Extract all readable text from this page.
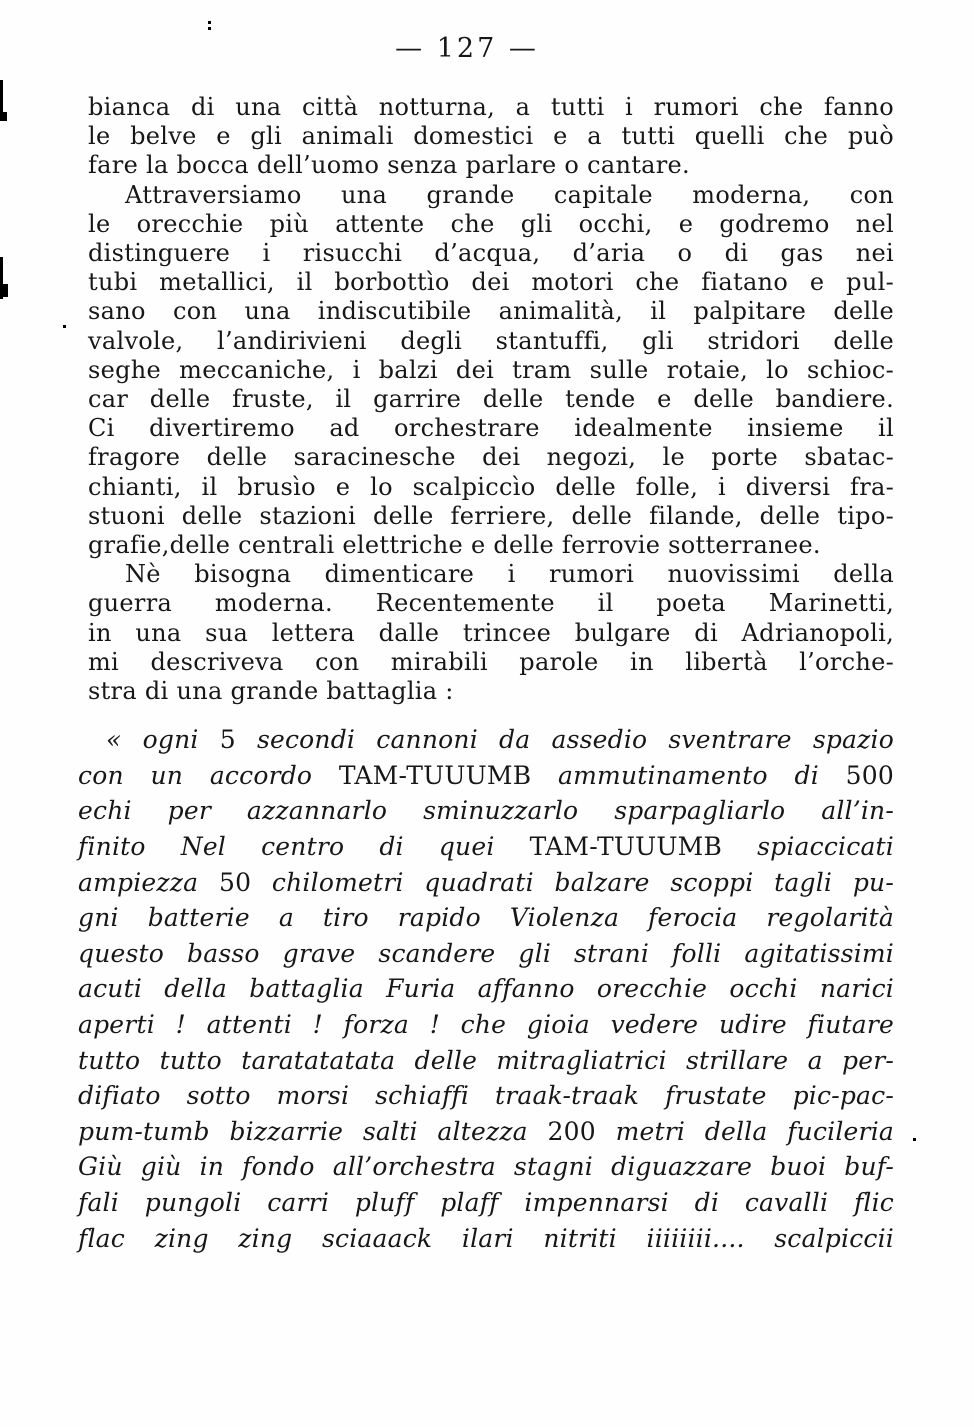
— 127 —
bianca di una città notturna, a tutti i rumori che fanno
le belve e gli animali domestici e a tutti quelli che può
fare la bocca dell’uomo senza parlare o cantare.
Attraversiamo una grande capitale moderna, con
le orecchie più attente che gli occhi, e godremo nel
distinguere i risucchi d’acqua, d’aria o di gas nei
tubi metallici, il borbottìo dei motori che fiatano e pul-
sano con una indiscutibile animalità, il palpitare delle
valvole, l’andirivieni degli stantuffi, gli stridori delle
seghe meccaniche, i balzi dei tram sulle rotaie, lo schioc-
car delle fruste, il garrire delle tende e delle bandiere.
Ci divertiremo ad orchestrare idealmente insieme il
fragore delle saracinesche dei negozi, le porte sbatac-
chianti, il brusìo e lo scalpiccìo delle folle, i diversi fra-
stuoni delle stazioni delle ferriere, delle filande, delle tipo-
grafie,delle centrali elettriche e delle ferrovie sotterranee.
Nè bisogna dimenticare i rumori nuovissimi della
guerra moderna. Recentemente il poeta Marinetti,
in una sua lettera dalle trincee bulgare di Adrianopoli,
mi descriveva con mirabili parole in libertà l’orche-
stra di una grande battaglia :
« ogni 5 secondi cannoni da assedio sventrare spazio
con un accordo TAM-TUUUMB ammutinamento di 500
echi per azzannarlo sminuzzarlo sparpagliarlo all’in-
finito Nel centro di quei TAM-TUUUMB spiaccicati
ampiezza 50 chilometri quadrati balzare scoppi tagli pu-
gni batterie a tiro rapido Violenza ferocia regolarità
questo basso grave scandere gli strani folli agitatissimi
acuti della battaglia Furia affanno orecchie occhi narici
aperti ! attenti ! forza ! che gioia vedere udire fiutare
tutto tutto taratatatata delle mitragliatrici strillare a per-
difiato sotto morsi schiaffi traak-traak frustate pic-pac-
pum-tumb bizzarrie salti altezza 200 metri della fucileria
Giù giù in fondo all’orchestra stagni diguazzare buoi buf-
fali pungoli carri pluff plaff impennarsi di cavalli flic
flac zing zing sciaaack ilari nitriti iiiiiiii.... scalpiccii
